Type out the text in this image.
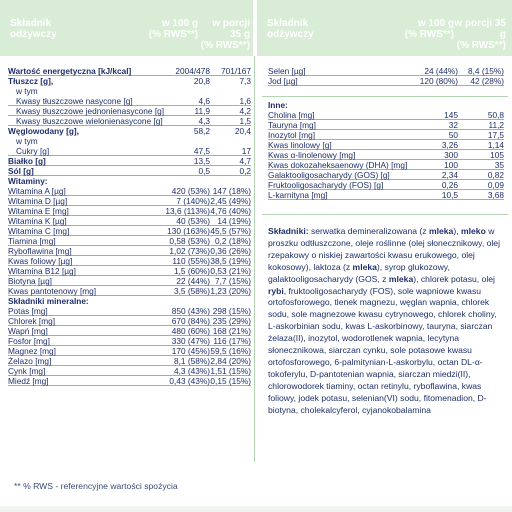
Składnik
odżywczy
w 100 g
(% RWS**)
w porcji 35 g
(% RWS**)
Składnik
odżywczy
w 100 g
(% RWS**)
w porcji 35 g
(% RWS**)
Wartość energetyczna [kJ/kcal]	2004/478	701/167
Tłuszcz [g],	20,8	7,3
w tym
Kwasy tłuszczowe nasycone [g]	4,6	1,6
Kwasy tłuszczowe jednonienasycone [g]	11,9	4,2
Kwasy tłuszczowe wielonienasycone [g]	4,3	1,5
Węglowodany [g],	58,2	20,4
w tym
Cukry [g]	47,5	17
Białko [g]	13,5	4,7
Sól [g]	0,5	0,2
Witaminy:
Witamina A [µg]	420 (53%) 147 (18%)
Witamina D [µg]	7 (140%) 2,45 (49%)
Witamina E [mg]	13,6 (113%) 4,76 (40%)
Witamina K [µg]	40 (53%) 14 (19%)
Witamina C [mg]	130 (163%) 45,5 (57%)
Tiamina [mg]	0,58 (53%) 0,2 (18%)
Ryboflawina [mg]	1,02 (73%) 0,36 (26%)
Kwas foliowy [µg]	110 (55%) 38,5 (19%)
Witamina B12 [µg]	1,5 (60%) 0,53 (21%)
Biotyna [µg]	22 (44%) 7,7 (15%)
Kwas pantotenowy [mg]	3,5 (58%) 1,23 (20%)
Składniki mineralne:
Potas [mg]	850 (43%) 298 (15%)
Chlorek [mg]	670 (84%) 235 (29%)
Wapń [mg]	480 (60%) 168 (21%)
Fosfor [mg]	330 (47%) 116 (17%)
Magnez [mg]	170 (45%) 59,5 (16%)
Żelazo [mg]	8,1 (58%) 2,84 (20%)
Cynk [mg]	4,3 (43%) 1,51 (15%)
Miedź [mg]	0,43 (43%) 0,15 (15%)
Selen [µg]	24 (44%)	8,4 (15%)
Jod [µg]	120 (80%)	42 (28%)
Inne:
Cholina [mg]	145	50,8
Tauryna [mg]	32	11,2
Inozytol [mg]	50	17,5
Kwas linolowy [g]	3,26	1,14
Kwas α-linolenowy [mg]	300	105
Kwas dokozaheksaenowy (DHA) [mg]	100	35
Galaktooligosacharydy (GOS) [g]	2,34	0,82
Fruktooligosacharydy (FOS) [g]	0,26	0,09
L-karnityna [mg]	10,5	3,68
Składniki: serwatka demineralizowana (z mleka), mleko w proszku odtłuszczone, oleje roślinne (olej słonecznikowy, olej rzepakowy o niskiej zawartości kwasu erukowego, olej kokosowy), laktoza (z mleka), syrop glukozowy, galaktooligosacharydy (GOS, z mleka), chlorek potasu, olej rybi, fruktooligosacharydy (FOS), sole wapniowe kwasu ortofosforowego, tlenek magnezu, węglan wapnia, chlorek sodu, sole magnezowe kwasu cytrynowego, chlorek choliny, L-askorbinian sodu, kwas L-askorbinowy, tauryna, siarczan żelaza(II), inozytol, wodorotlenek wapnia, lecytyna słonecznikowa, siarczan cynku, sole potasowe kwasu ortofosforowego, 6-palmitynian-L-askorbylu, octan DL-α-tokoferylu, D-pantotenian wapnia, siarczan miedzi(II), chlorowodorek tiaminy, octan retinylu, ryboflawina, kwas foliowy, jodek potasu, selenian(VI) sodu, fitomenadion, D-biotyna, cholekalcyferol, cyjanokobalamina
** % RWS - referencyjne wartości spożycia
